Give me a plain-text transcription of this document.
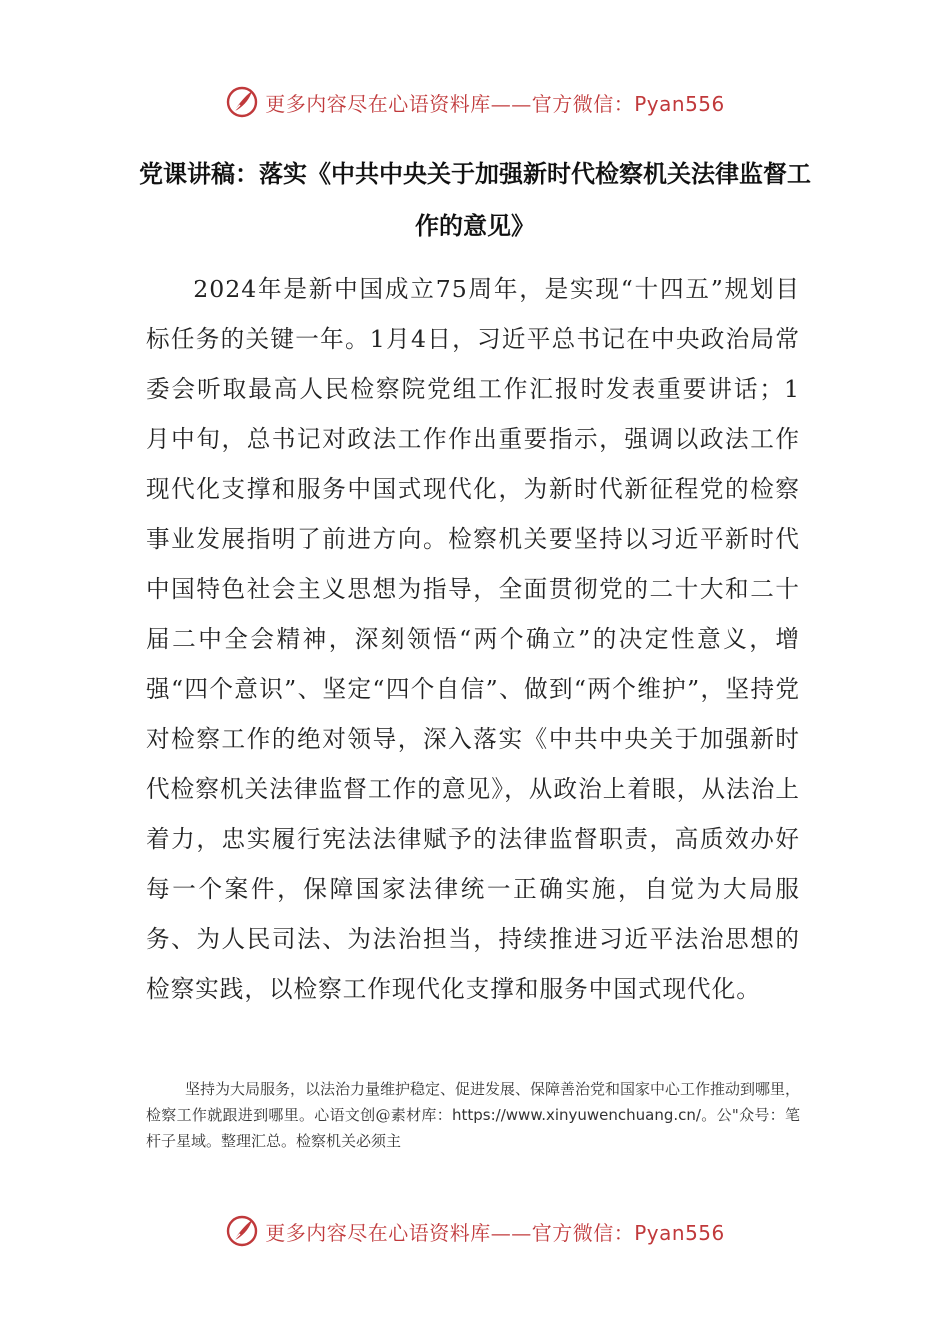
更多内容尽在心语资料库——官方微信：Pyan556
党课讲稿：落实《中共中央关于加强新时代检察机关法律监督工作的意见》

2024年是新中国成立75周年，是实现“十四五”规划目标任务的关键一年。1月4日，习近平总书记在中央政治局常委会听取最高人民检察院党组工作汇报时发表重要讲话；1月中旬，总书记对政法工作作出重要指示，强调以政法工作现代化支撑和服务中国式现代化，为新时代新征程党的检察事业发展指明了前进方向。检察机关要坚持以习近平新时代中国特色社会主义思想为指导，全面贯彻党的二十大和二十届二中全会精神，深刻领悟“两个确立”的决定性意义，增强“四个意识”、坚定“四个自信”、做到“两个维护”，坚持党对检察工作的绝对领导，深入落实《中共中央关于加强新时代检察机关法律监督工作的意见》，从政治上着眼，从法治上着力，忠实履行宪法法律赋予的法律监督职责，高质效办好每一个案件，保障国家法律统一正确实施，自觉为大局服务、为人民司法、为法治担当，持续推进习近平法治思想的检察实践，以检察工作现代化支撑和服务中国式现代化。

坚持为大局服务，以法治力量维护稳定、促进发展、保障善治党和国家中心工作推动到哪里，检察工作就跟进到哪里。心语文创@素材库：https://www.xinyuwenchuang.cn/。公"众号：笔杆子星域。整理汇总。检察机关必须主

更多内容尽在心语资料库——官方微信：Pyan556
